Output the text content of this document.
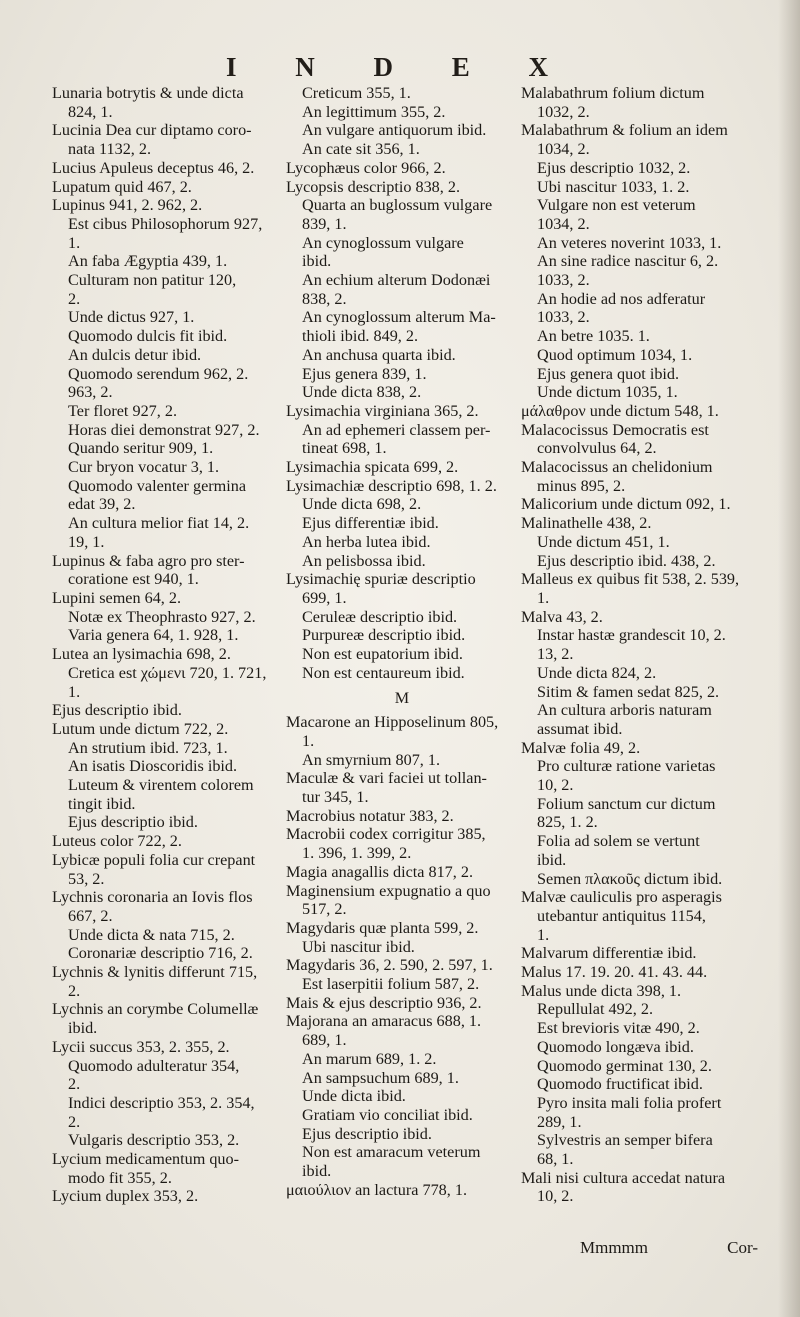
I N D E X

Lunaria botrytis & unde dicta

824, 1.

Lucinia Dea cur diptamo coro-

nata 1132, 2.

Lucius Apuleus deceptus 46, 2.

Lupatum quid 467, 2.

Lupinus 941, 2. 962, 2.

Est cibus Philosophorum 927,

1.

An faba Ægyptia 439, 1.

Culturam non patitur 120,

2.

Unde dictus 927, 1.

Quomodo dulcis fit ibid.

An dulcis detur ibid.

Quomodo serendum 962, 2.

963, 2.

Ter floret 927, 2.

Horas diei demonstrat 927, 2.

Quando seritur 909, 1.

Cur bryon vocatur 3, 1.

Quomodo valenter germina

edat 39, 2.

An cultura melior fiat 14, 2.

19, 1.

Lupinus & faba agro pro ster-

coratione est 940, 1.

Lupini semen 64, 2.

Notæ ex Theophrasto 927, 2.

Varia genera 64, 1. 928, 1.

Lutea an lysimachia 698, 2.

Cretica est χώμενι 720, 1. 721,

1.

Ejus descriptio ibid.

Lutum unde dictum 722, 2.

An strutium ibid. 723, 1.

An isatis Dioscoridis ibid.

Luteum & virentem colorem

tingit ibid.

Ejus descriptio ibid.

Luteus color 722, 2.

Lybicæ populi folia cur crepant

53, 2.

Lychnis coronaria an Iovis flos

667, 2.

Unde dicta & nata 715, 2.

Coronariæ descriptio 716, 2.

Lychnis & lynitis differunt 715,

2.

Lychnis an corymbe Columellæ

ibid.

Lycii succus 353, 2. 355, 2.

Quomodo adulteratur 354,

2.

Indici descriptio 353, 2. 354,

2.

Vulgaris descriptio 353, 2.

Lycium medicamentum quo-

modo fit 355, 2.

Lycium duplex 353, 2.

Creticum 355, 1.

An legittimum 355, 2.

An vulgare antiquorum ibid.

An cate sit 356, 1.

Lycophæus color 966, 2.

Lycopsis descriptio 838, 2.

Quarta an buglossum vulgare

839, 1.

An cynoglossum vulgare

ibid.

An echium alterum Dodonæi

838, 2.

An cynoglossum alterum Ma-

thioli ibid. 849, 2.

An anchusa quarta ibid.

Ejus genera 839, 1.

Unde dicta 838, 2.

Lysimachia virginiana 365, 2.

An ad ephemeri classem per-

tineat 698, 1.

Lysimachia spicata 699, 2.

Lysimachiæ descriptio 698, 1. 2.

Unde dicta 698, 2.

Ejus differentiæ ibid.

An herba lutea ibid.

An pelisbossa ibid.

Lysimachię spuriæ descriptio

699, 1.

Ceruleæ descriptio ibid.

Purpureæ descriptio ibid.

Non est eupatorium ibid.

Non est centaureum ibid.

M

Macarone an Hipposelinum 805,

1.

An smyrnium 807, 1.

Maculæ & vari faciei ut tollan-

tur 345, 1.

Macrobius notatur 383, 2.

Macrobii codex corrigitur 385,

1. 396, 1. 399, 2.

Magia anagallis dicta 817, 2.

Maginensium expugnatio a quo

517, 2.

Magydaris quæ planta 599, 2.

Ubi nascitur ibid.

Magydaris 36, 2. 590, 2. 597, 1.

Est laserpitii folium 587, 2.

Mais & ejus descriptio 936, 2.

Majorana an amaracus 688, 1.

689, 1.

An marum 689, 1. 2.

An sampsuchum 689, 1.

Unde dicta ibid.

Gratiam vio conciliat ibid.

Ejus descriptio ibid.

Non est amaracum veterum

ibid.

μαιούλιον an lactura 778, 1.

Malabathrum folium dictum

1032, 2.

Malabathrum & folium an idem

1034, 2.

Ejus descriptio 1032, 2.

Ubi nascitur 1033, 1. 2.

Vulgare non est veterum

1034, 2.

An veteres noverint 1033, 1.

An sine radice nascitur 6, 2.

1033, 2.

An hodie ad nos adferatur

1033, 2.

An betre 1035. 1.

Quod optimum 1034, 1.

Ejus genera quot ibid.

Unde dictum 1035, 1.

μάλαθρον unde dictum 548, 1.

Malacocissus Democratis est

convolvulus 64, 2.

Malacocissus an chelidonium

minus 895, 2.

Malicorium unde dictum 092, 1.

Malinathelle 438, 2.

Unde dictum 451, 1.

Ejus descriptio ibid. 438, 2.

Malleus ex quibus fit 538, 2. 539,

1.

Malva 43, 2.

Instar hastæ grandescit 10, 2.

13, 2.

Unde dicta 824, 2.

Sitim & famen sedat 825, 2.

An cultura arboris naturam

assumat ibid.

Malvæ folia 49, 2.

Pro culturæ ratione varietas

10, 2.

Folium sanctum cur dictum

825, 1. 2.

Folia ad solem se vertunt

ibid.

Semen πλακοῦς dictum ibid.

Malvæ cauliculis pro asperagis

utebantur antiquitus 1154,

1.

Malvarum differentiæ ibid.

Malus 17. 19. 20. 41. 43. 44.

Malus unde dicta 398, 1.

Repullulat 492, 2.

Est brevioris vitæ 490, 2.

Quomodo longæva ibid.

Quomodo germinat 130, 2.

Quomodo fructificat ibid.

Pyro insita mali folia profert

289, 1.

Sylvestris an semper bifera

68, 1.

Mali nisi cultura accedat natura

10, 2.

Mmmmm	Cor-
